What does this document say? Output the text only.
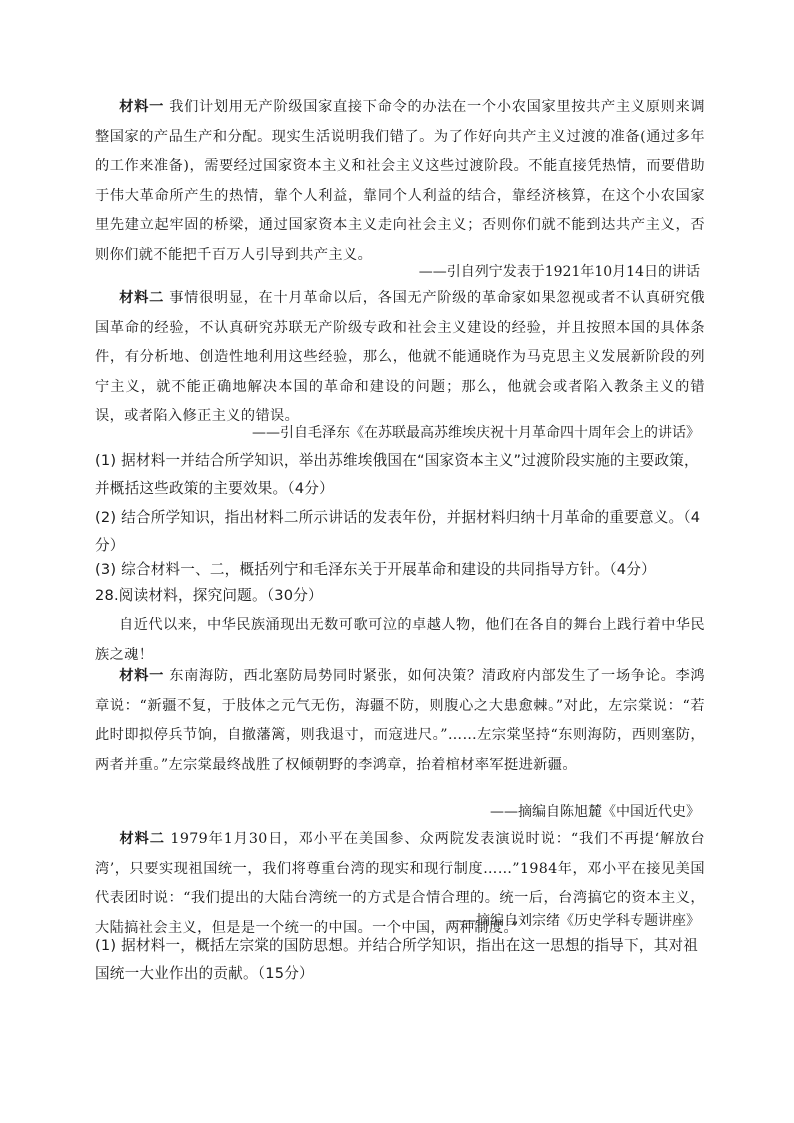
材料一 我们计划用无产阶级国家直接下命令的办法在一个小农国家里按共产主义原则来调整国家的产品生产和分配。现实生活说明我们错了。为了作好向共产主义过渡的准备(通过多年的工作来准备)，需要经过国家资本主义和社会主义这些过渡阶段。不能直接凭热情，而要借助于伟大革命所产生的热情，靠个人利益，靠同个人利益的结合，靠经济核算，在这个小农国家里先建立起牢固的桥梁，通过国家资本主义走向社会主义；否则你们就不能到达共产主义，否则你们就不能把千百万人引导到共产主义。

——引自列宁发表于1921年10月14日的讲话

材料二 事情很明显，在十月革命以后，各国无产阶级的革命家如果忽视或者不认真研究俄国革命的经验，不认真研究苏联无产阶级专政和社会主义建设的经验，并且按照本国的具体条件，有分析地、创造性地利用这些经验，那么，他就不能通晓作为马克思主义发展新阶段的列宁主义，就不能正确地解决本国的革命和建设的问题；那么，他就会或者陷入教条主义的错误，或者陷入修正主义的错误。

——引自毛泽东《在苏联最高苏维埃庆祝十月革命四十周年会上的讲话》

(1) 据材料一并结合所学知识，举出苏维埃俄国在“国家资本主义”过渡阶段实施的主要政策，并概括这些政策的主要效果。（4分）

(2) 结合所学知识，指出材料二所示讲话的发表年份，并据材料归纳十月革命的重要意义。（4分）

(3) 综合材料一、二，概括列宁和毛泽东关于开展革命和建设的共同指导方针。（4分）

28.阅读材料，探究问题。（30分）

自近代以来，中华民族涌现出无数可歌可泣的卓越人物，他们在各自的舞台上践行着中华民族之魂！

材料一 东南海防，西北塞防局势同时紧张，如何决策？清政府内部发生了一场争论。李鸿章说：“新疆不复，于肢体之元气无伤，海疆不防，则腹心之大患愈棘。”对此，左宗棠说：“若此时即拟停兵节饷，自撤藩篱，则我退寸，而寇进尺。”……左宗棠坚持“东则海防，西则塞防，两者并重。”左宗棠最终战胜了权倾朝野的李鸿章，抬着棺材率军挺进新疆。

——摘编自陈旭麓《中国近代史》

材料二 1979年1月30日，邓小平在美国参、众两院发表演说时说：“我们不再提‘解放台湾’，只要实现祖国统一，我们将尊重台湾的现实和现行制度……”1984年，邓小平在接见美国代表团时说：“我们提出的大陆台湾统一的方式是合情合理的。统一后，台湾搞它的资本主义，大陆搞社会主义，但是是一个统一的中国。一个中国，两种制度。”

——摘编自刘宗绪《历史学科专题讲座》

(1) 据材料一，概括左宗棠的国防思想。并结合所学知识，指出在这一思想的指导下，其对祖国统一大业作出的贡献。（15分）
